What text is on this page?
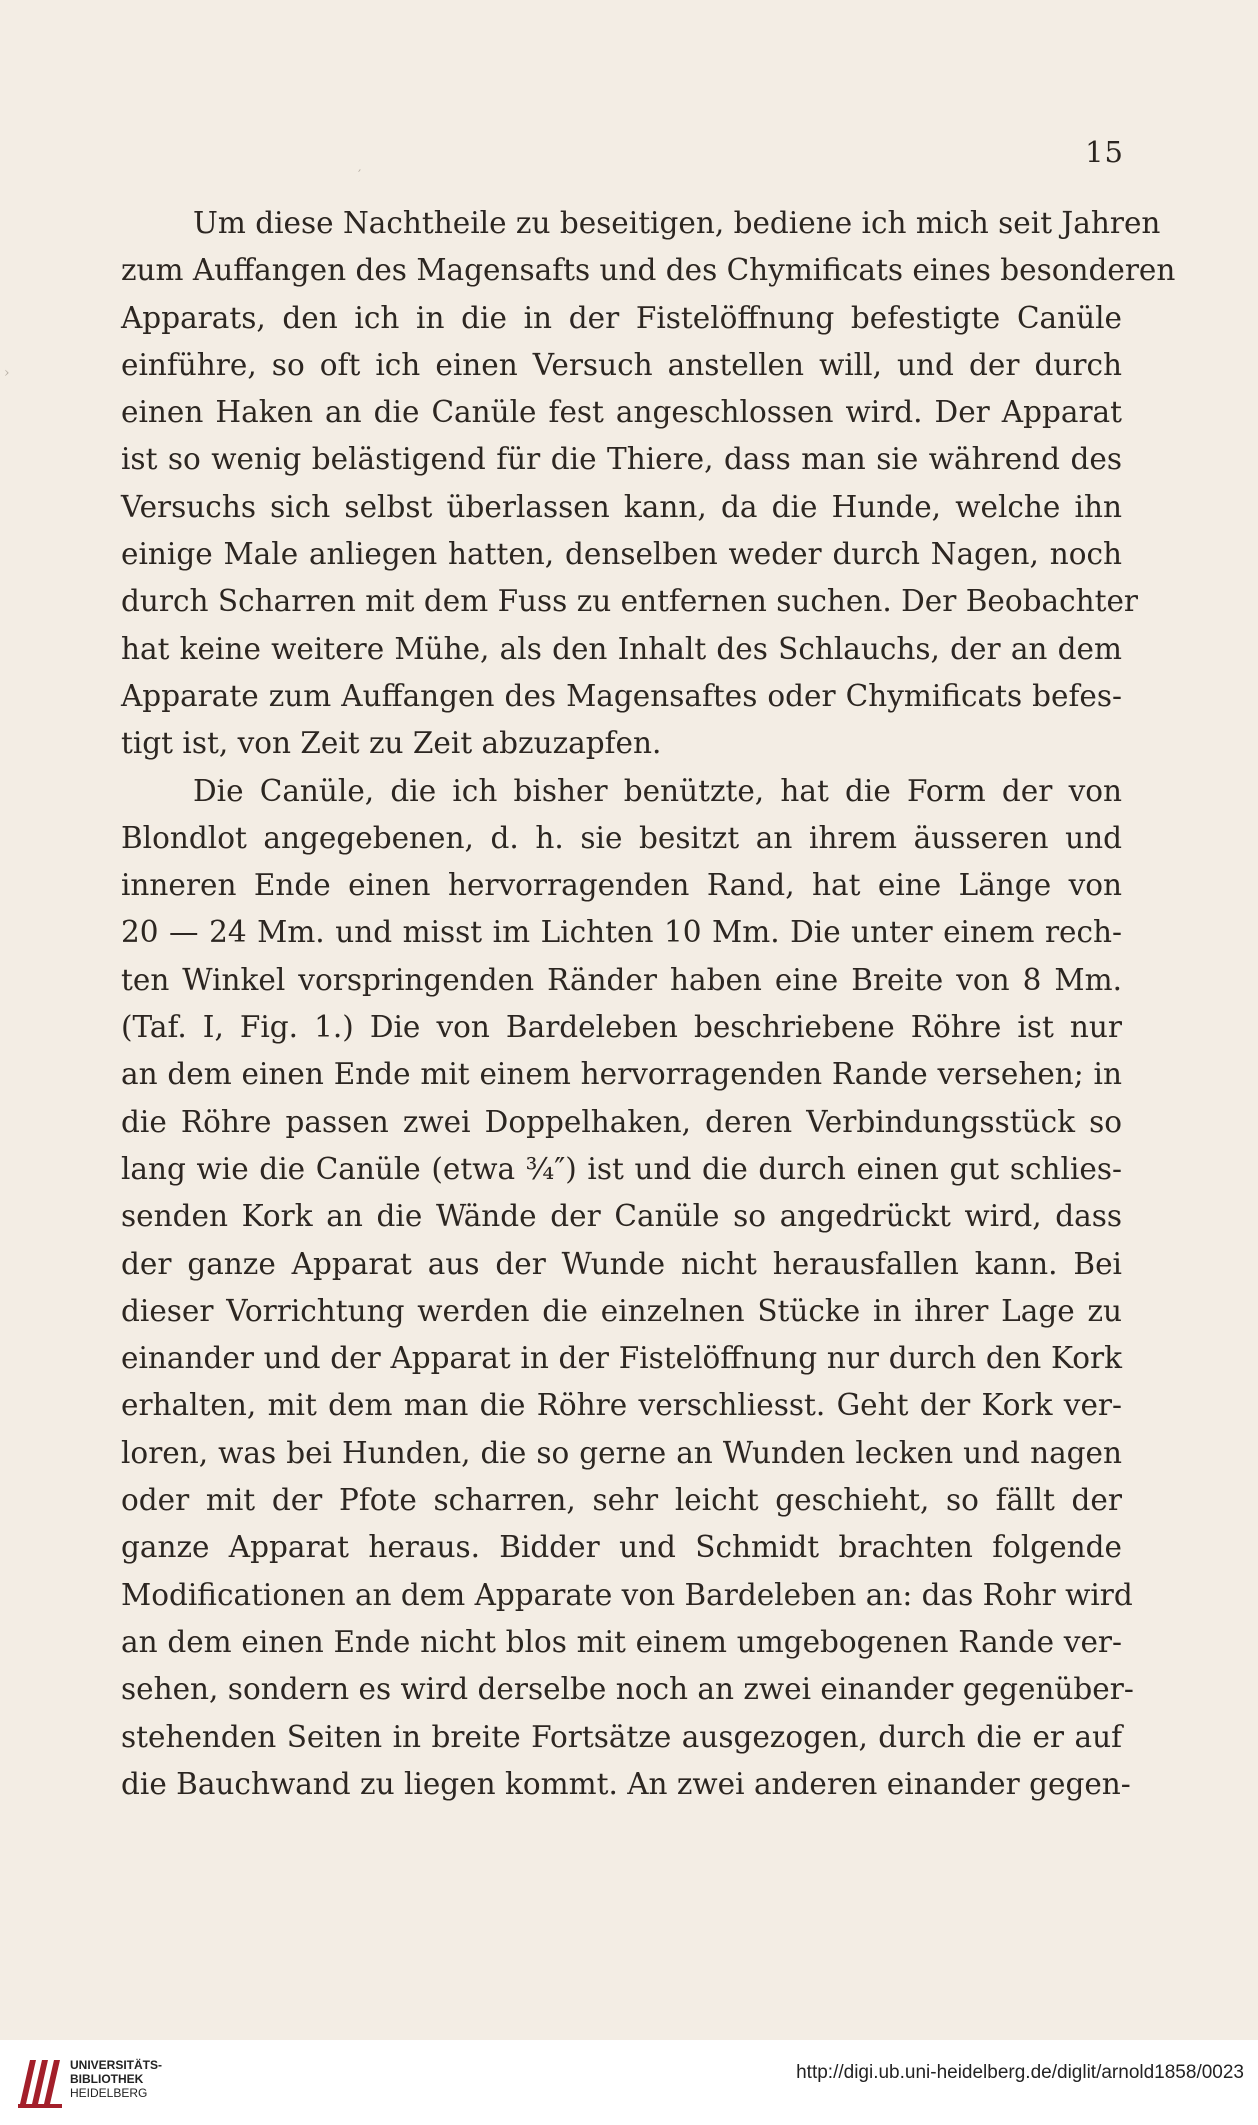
′
›
15
Um diese Nachtheile zu beseitigen, bediene ich mich seit Jahren
zum Auffangen des Magensafts und des Chymificats eines besonderen
Apparats, den ich in die in der Fistelöffnung befestigte Canüle
einführe, so oft ich einen Versuch anstellen will, und der durch
einen Haken an die Canüle fest angeschlossen wird. Der Apparat
ist so wenig belästigend für die Thiere, dass man sie während des
Versuchs sich selbst überlassen kann, da die Hunde, welche ihn
einige Male anliegen hatten, denselben weder durch Nagen, noch
durch Scharren mit dem Fuss zu entfernen suchen. Der Beobachter
hat keine weitere Mühe, als den Inhalt des Schlauchs, der an dem
Apparate zum Auffangen des Magensaftes oder Chymificats befes-
tigt ist, von Zeit zu Zeit abzuzapfen.
Die Canüle, die ich bisher benützte, hat die Form der von
Blondlot angegebenen, d. h. sie besitzt an ihrem äusseren und
inneren Ende einen hervorragenden Rand, hat eine Länge von
20 — 24 Mm. und misst im Lichten 10 Mm. Die unter einem rech-
ten Winkel vorspringenden Ränder haben eine Breite von 8 Mm.
(Taf. I, Fig. 1.) Die von Bardeleben beschriebene Röhre ist nur
an dem einen Ende mit einem hervorragenden Rande versehen; in
die Röhre passen zwei Doppelhaken, deren Verbindungsstück so
lang wie die Canüle (etwa ¾″) ist und die durch einen gut schlies-
senden Kork an die Wände der Canüle so angedrückt wird, dass
der ganze Apparat aus der Wunde nicht herausfallen kann. Bei
dieser Vorrichtung werden die einzelnen Stücke in ihrer Lage zu
einander und der Apparat in der Fistelöffnung nur durch den Kork
erhalten, mit dem man die Röhre verschliesst. Geht der Kork ver-
loren, was bei Hunden, die so gerne an Wunden lecken und nagen
oder mit der Pfote scharren, sehr leicht geschieht, so fällt der
ganze Apparat heraus. Bidder und Schmidt brachten folgende
Modificationen an dem Apparate von Bardeleben an: das Rohr wird
an dem einen Ende nicht blos mit einem umgebogenen Rande ver-
sehen, sondern es wird derselbe noch an zwei einander gegenüber-
stehenden Seiten in breite Fortsätze ausgezogen, durch die er auf
die Bauchwand zu liegen kommt. An zwei anderen einander gegen-
UNIVERSITÄTS-
BIBLIOTHEK
HEIDELBERG
http://digi.ub.uni-heidelberg.de/diglit/arnold1858/0023
